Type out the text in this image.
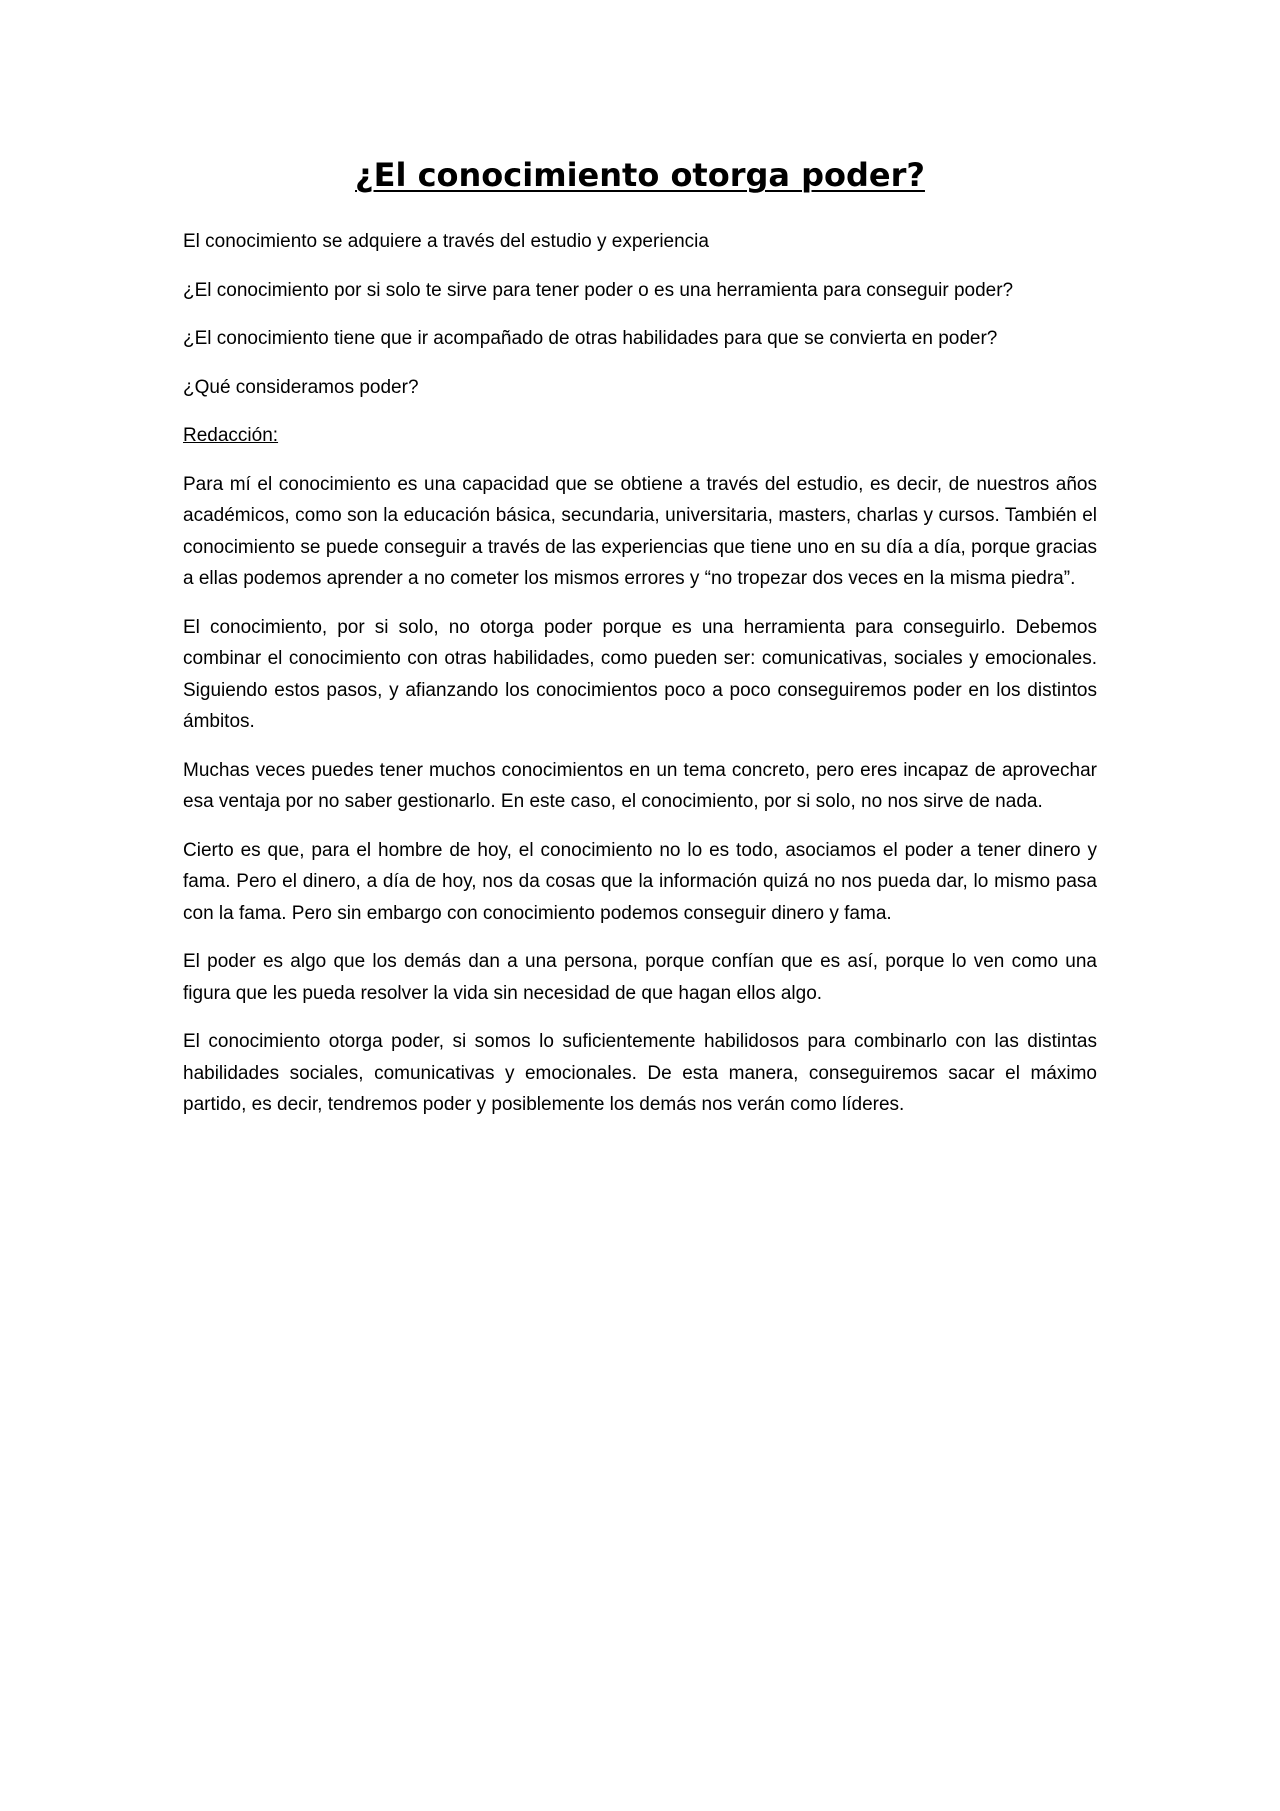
¿El conocimiento otorga poder?

El conocimiento se adquiere a través del estudio y experiencia

¿El conocimiento por si solo te sirve para tener poder o es una herramienta para conseguir poder?

¿El conocimiento tiene que ir acompañado de otras habilidades para que se convierta en poder?

¿Qué consideramos poder?

Redacción:

Para mí el conocimiento es una capacidad que se obtiene a través del estudio, es decir, de nuestros años académicos, como son la educación básica, secundaria, universitaria, masters, charlas y cursos. También el conocimiento se puede conseguir a través de las experiencias que tiene uno en su día a día, porque gracias a ellas podemos aprender a no cometer los mismos errores y “no tropezar dos veces en la misma piedra”.

El conocimiento, por si solo, no otorga poder porque es una herramienta para conseguirlo. Debemos combinar el conocimiento con otras habilidades, como pueden ser: comunicativas, sociales y emocionales. Siguiendo estos pasos, y afianzando los conocimientos poco a poco conseguiremos poder en los distintos ámbitos.

Muchas veces puedes tener muchos conocimientos en un tema concreto, pero eres incapaz de aprovechar esa ventaja por no saber gestionarlo. En este caso, el conocimiento, por si solo, no nos sirve de nada.

Cierto es que, para el hombre de hoy, el conocimiento no lo es todo, asociamos el poder a tener dinero y fama. Pero el dinero, a día de hoy, nos da cosas que la información quizá no nos pueda dar, lo mismo pasa con la fama. Pero sin embargo con conocimiento podemos conseguir dinero y fama.

El poder es algo que los demás dan a una persona, porque confían que es así, porque lo ven como una figura que les pueda resolver la vida sin necesidad de que hagan ellos algo.

El conocimiento otorga poder, si somos lo suficientemente habilidosos para combinarlo con las distintas habilidades sociales, comunicativas y emocionales. De esta manera, conseguiremos sacar el máximo partido, es decir, tendremos poder y posiblemente los demás nos verán como líderes.
